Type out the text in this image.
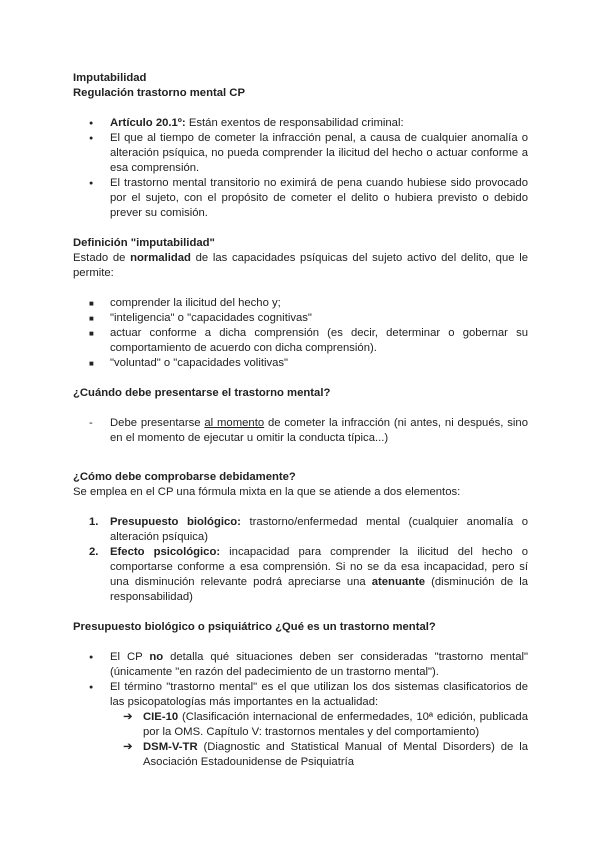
Imputabilidad
Regulación trastorno mental CP
● Artículo 20.1º: Están exentos de responsabilidad criminal:
● El que al tiempo de cometer la infracción penal, a causa de cualquier anomalía o alteración psíquica, no pueda comprender la ilicitud del hecho o actuar conforme a esa comprensión.
● El trastorno mental transitorio no eximirá de pena cuando hubiese sido provocado por el sujeto, con el propósito de cometer el delito o hubiera previsto o debido prever su comisión.
Definición "imputabilidad"
Estado de normalidad de las capacidades psíquicas del sujeto activo del delito, que le permite:
■ comprender la ilicitud del hecho y;
■ "inteligencia" o "capacidades cognitivas"
■ actuar conforme a dicha comprensión (es decir, determinar o gobernar su comportamiento de acuerdo con dicha comprensión).
■ "voluntad" o "capacidades volitivas"
¿Cuándo debe presentarse el trastorno mental?
- Debe presentarse al momento de cometer la infracción (ni antes, ni después, sino en el momento de ejecutar u omitir la conducta típica...)
¿Cómo debe comprobarse debidamente?
Se emplea en el CP una fórmula mixta en la que se atiende a dos elementos:
1. Presupuesto biológico: trastorno/enfermedad mental (cualquier anomalía o alteración psíquica)
2. Efecto psicológico: incapacidad para comprender la ilicitud del hecho o comportarse conforme a esa comprensión. Si no se da esa incapacidad, pero sí una disminución relevante podrá apreciarse una atenuante (disminución de la responsabilidad)
Presupuesto biológico o psiquiátrico ¿Qué es un trastorno mental?
● El CP no detalla qué situaciones deben ser consideradas "trastorno mental" (únicamente "en razón del padecimiento de un trastorno mental").
● El término "trastorno mental" es el que utilizan los dos sistemas clasificatorios de las psicopatologías más importantes en la actualidad:
➔ CIE-10 (Clasificación internacional de enfermedades, 10ª edición, publicada por la OMS. Capítulo V: trastornos mentales y del comportamiento)
➔ DSM-V-TR (Diagnostic and Statistical Manual of Mental Disorders) de la Asociación Estadounidense de Psiquiatría
